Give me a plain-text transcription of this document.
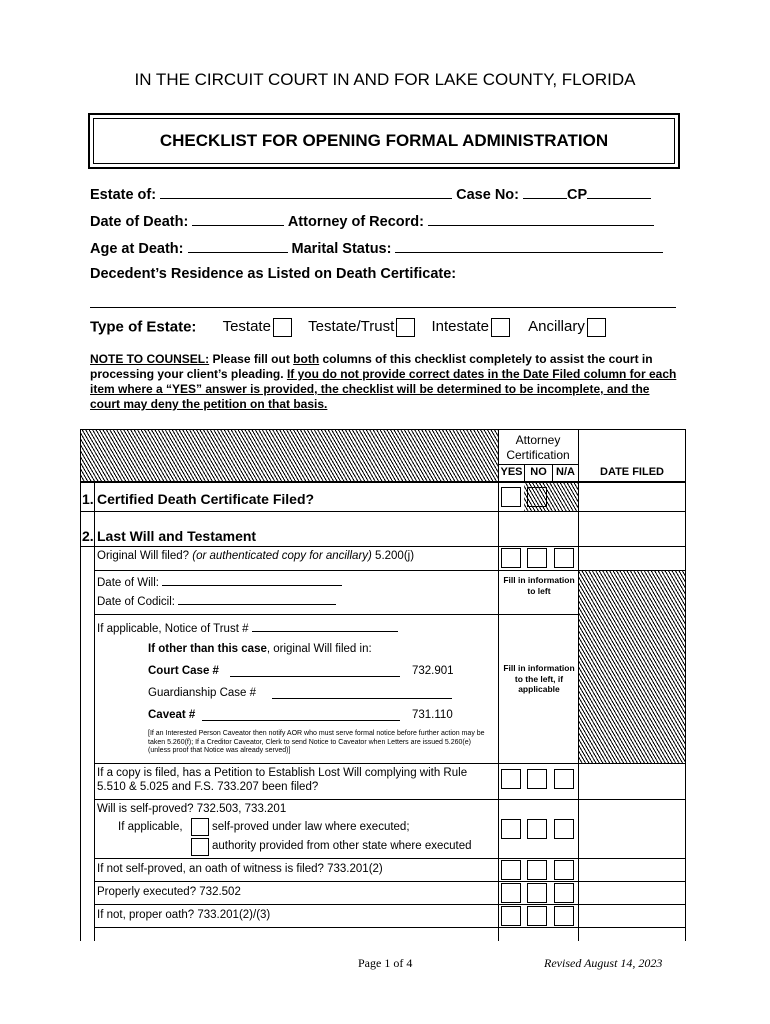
IN THE CIRCUIT COURT IN AND FOR LAKE COUNTY, FLORIDA
CHECKLIST FOR OPENING FORMAL ADMINISTRATION
Estate of:	Case No:	CP
Date of Death:	Attorney of Record:
Age at Death:	Marital Status:
Decedent’s Residence as Listed on Death Certificate:
Type of Estate: Testate Testate/Trust Intestate	Ancillary
NOTE TO COUNSEL: Please fill out both columns of this checklist completely to assist the court in processing your client’s pleading. If you do not provide correct dates in the Date Filed column for each item where a “YES” answer is provided, the checklist will be determined to be incomplete, and the court may deny the petition on that basis.
Attorney Certification
YES NO N/A	DATE FILED
1. Certified Death Certificate Filed?
2. Last Will and Testament
Original Will filed? (or authenticated copy for ancillary) 5.200(j)
Date of Will:
Date of Codicil:
Fill in information to left
If applicable, Notice of Trust #
If other than this case, original Will filed in:
Court Case #	732.901
Guardianship Case #
Caveat #	731.110
[If an Interested Person Caveator then notify AOR who must serve formal notice before further action may be taken 5.260(f); If a Creditor Caveator, Clerk to send Notice to Caveator when Letters are issued 5.260(e) (unless proof that Notice was already served)]
Fill in information to the left, if applicable
If a copy is filed, has a Petition to Establish Lost Will complying with Rule 5.510 & 5.025 and F.S. 733.207 been filed?
Will is self-proved? 732.503, 733.201
If applicable,	self-proved under law where executed;
authority provided from other state where executed
If not self-proved, an oath of witness is filed? 733.201(2)
Properly executed? 732.502
If not, proper oath? 733.201(2)/(3)
Page 1 of 4	Revised August 14, 2023
